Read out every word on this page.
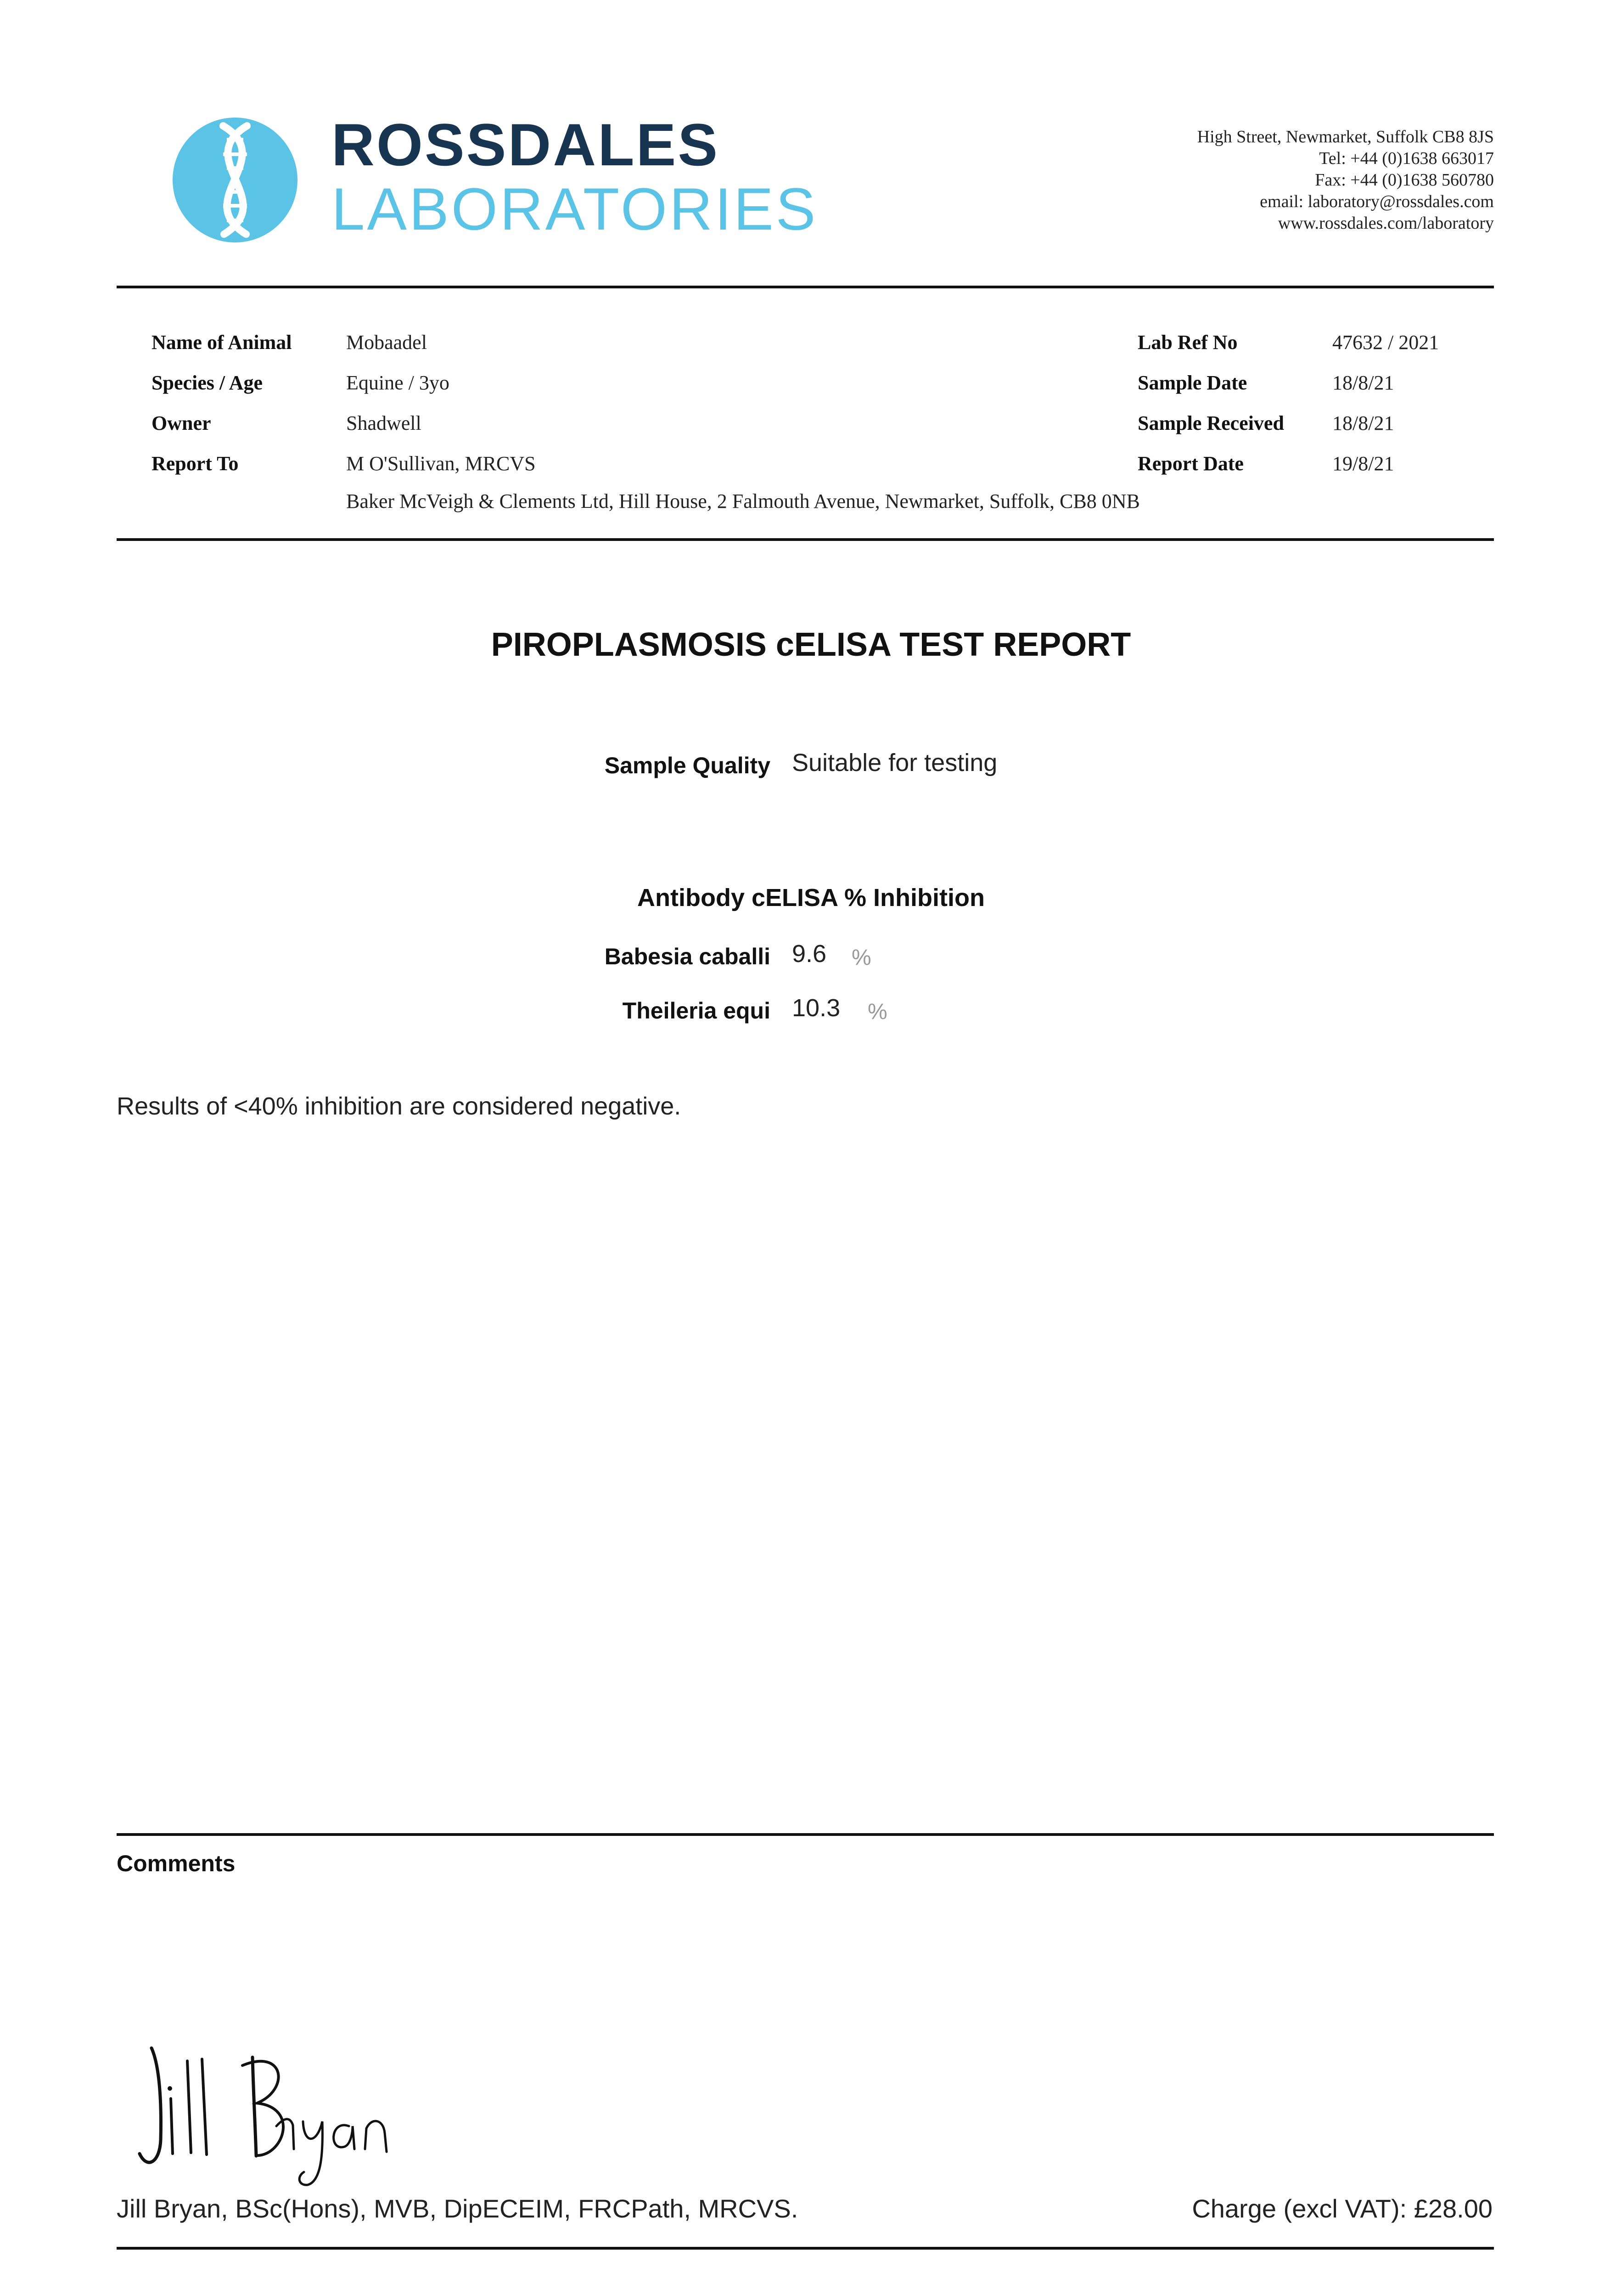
ROSSDALES
LABORATORIES
High Street, Newmarket, Suffolk CB8 8JS
Tel: +44 (0)1638 663017
Fax: +44 (0)1638 560780
email: laboratory@rossdales.com
www.rossdales.com/laboratory
Name of Animal	Mobaadel
Species / Age	Equine / 3yo
Owner	Shadwell
Report To	M O'Sullivan, MRCVS
Baker McVeigh & Clements Ltd, Hill House, 2 Falmouth Avenue, Newmarket, Suffolk, CB8 0NB
Lab Ref No	47632 / 2021
Sample Date	18/8/21
Sample Received 18/8/21
Report Date	19/8/21
PIROPLASMOSIS cELISA TEST REPORT
Sample Quality Suitable for testing
Antibody cELISA % Inhibition
Babesia caballi 9.6 %
Theileria equi 10.3 %
Results of <40% inhibition are considered negative.
Comments
Jill Bryan, BSc(Hons), MVB, DipECEIM, FRCPath, MRCVS.	Charge (excl VAT): £28.00
